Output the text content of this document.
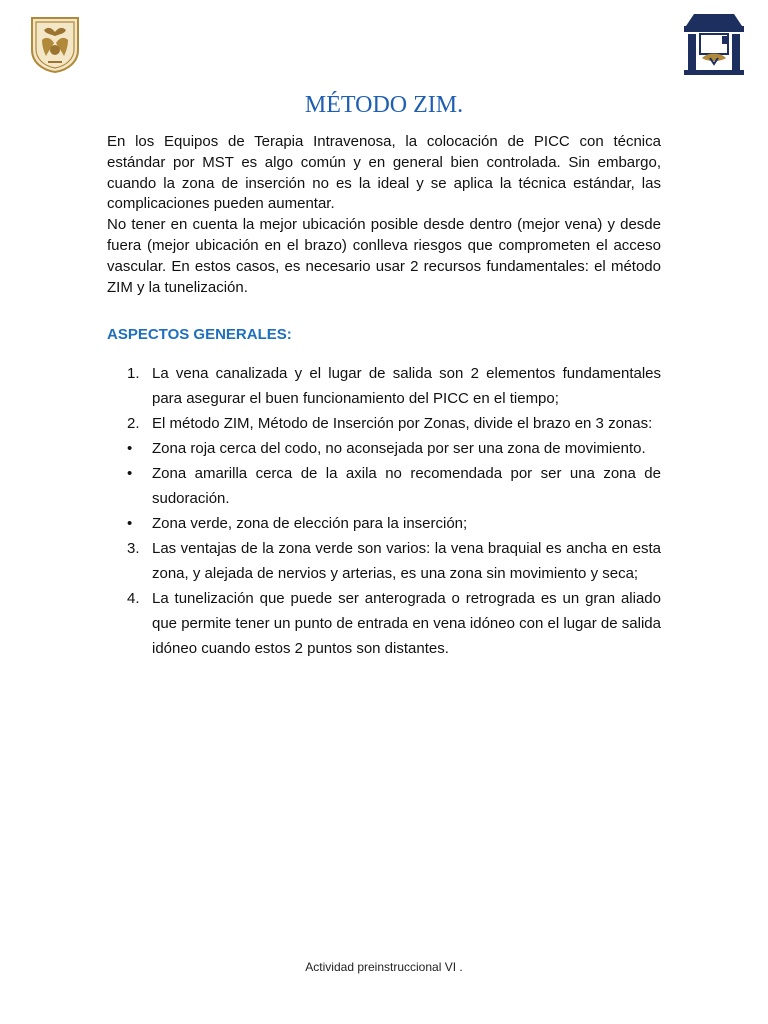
MÉTODO ZIM.

En los Equipos de Terapia Intravenosa, la colocación de PICC con técnica estándar por MST es algo común y en general bien controlada. Sin embargo, cuando la zona de inserción no es la ideal y se aplica la técnica estándar, las complicaciones pueden aumentar.

No tener en cuenta la mejor ubicación posible desde dentro (mejor vena) y desde fuera (mejor ubicación en el brazo) conlleva riesgos que comprometen el acceso vascular. En estos casos, es necesario usar 2 recursos fundamentales: el método ZIM y la tunelización.

ASPECTOS GENERALES:
1. La vena canalizada y el lugar de salida son 2 elementos fundamentales para asegurar el buen funcionamiento del PICC en el tiempo;
2. El método ZIM, Método de Inserción por Zonas, divide el brazo en 3 zonas:
• Zona roja cerca del codo, no aconsejada por ser una zona de movimiento.
• Zona amarilla cerca de la axila no recomendada por ser una zona de sudoración.
• Zona verde, zona de elección para la inserción;
3. Las ventajas de la zona verde son varios: la vena braquial es ancha en esta zona, y alejada de nervios y arterias, es una zona sin movimiento y seca;
4. La tunelización que puede ser anterograda o retrograda es un gran aliado que permite tener un punto de entrada en vena idóneo con el lugar de salida idóneo cuando estos 2 puntos son distantes.
Actividad preinstruccional VI .
